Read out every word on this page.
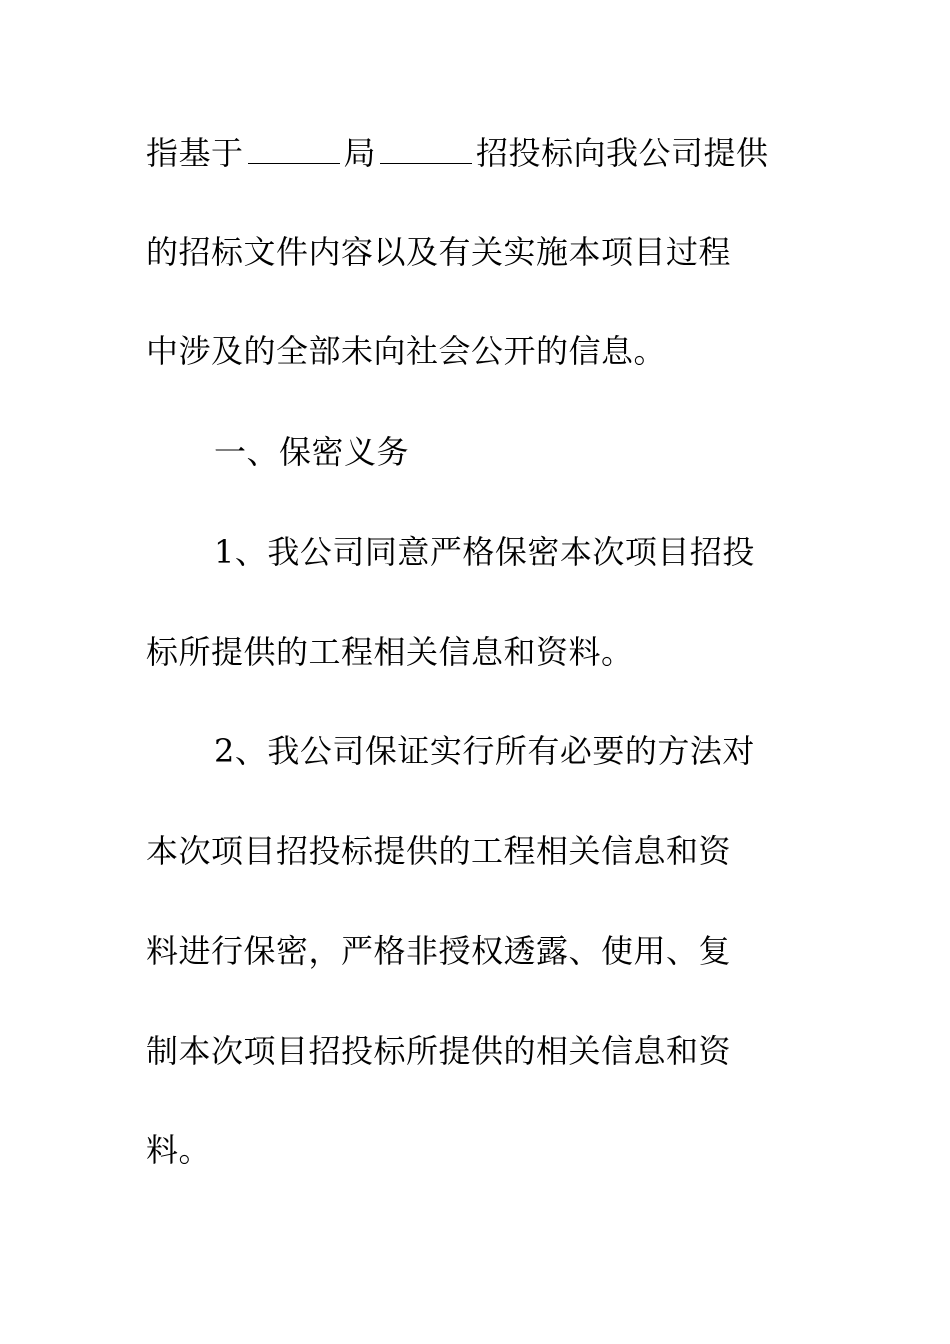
指基于	局	招投标向我公司提供
的招标文件内容以及有关实施本项目过程
中涉及的全部未向社会公开的信息。
一、保密义务
1、我公司同意严格保密本次项目招投
标所提供的工程相关信息和资料。
2、我公司保证实行所有必要的方法对
本次项目招投标提供的工程相关信息和资
料进行保密，严格非授权透露、使用、复
制本次项目招投标所提供的相关信息和资
料。
